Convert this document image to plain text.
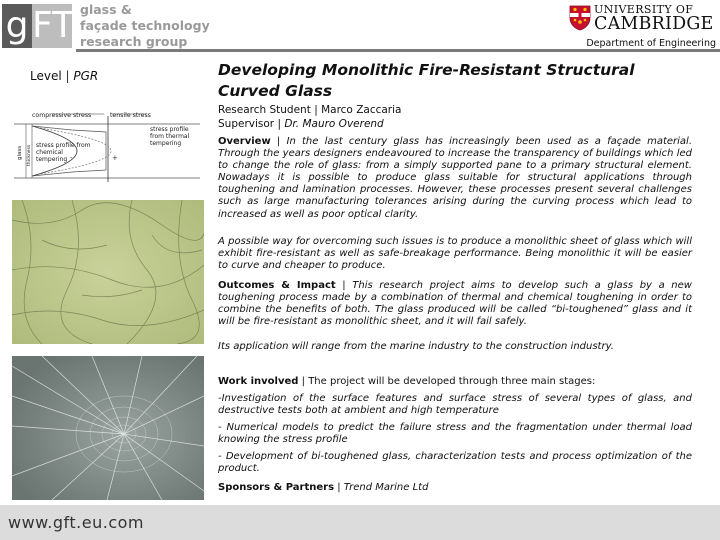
g FT glass &
façade technology
research group
UNIVERSITY OF
CAMBRIDGE
Department of Engineering
Level | PGR
+
-
compressive stress	tensile stress
glass thickness stress profile from chemical tempering
stress profile from thermal tempering
Developing Monolithic Fire-Resistant Structural Curved Glass
Research Student | Marco Zaccaria
Supervisor | Dr. Mauro Overend
Overview | In the last century glass has increasingly been used as a façade material. Through the years designers endeavoured to increase the transparency of buildings which led to change the role of glass: from a simply supported pane to a primary structural element. Nowadays it is possible to produce glass suitable for structural applications through toughening and lamination processes. However, these processes present several challenges such as large manufacturing tolerances arising during the curving process which lead to increased as well as poor optical clarity.
A possible way for overcoming such issues is to produce a monolithic sheet of glass which will exhibit fire-resistant as well as safe-breakage performance. Being monolithic it will be easier to curve and cheaper to produce.
Outcomes & Impact | This research project aims to develop such a glass by a new toughening process made by a combination of thermal and chemical toughening in order to combine the benefits of both. The glass produced will be called “bi-toughened” glass and it will be fire-resistant as monolithic sheet, and it will fail safely.
Its application will range from the marine industry to the construction industry.
Work involved | The project will be developed through three main stages:
-Investigation of the surface features and surface stress of several types of glass, and destructive tests both at ambient and high temperature
- Numerical models to predict the failure stress and the fragmentation under thermal load knowing the stress profile
- Development of bi-toughened glass, characterization tests and process optimization of the product.
Sponsors & Partners | Trend Marine Ltd
www.gft.eu.com
